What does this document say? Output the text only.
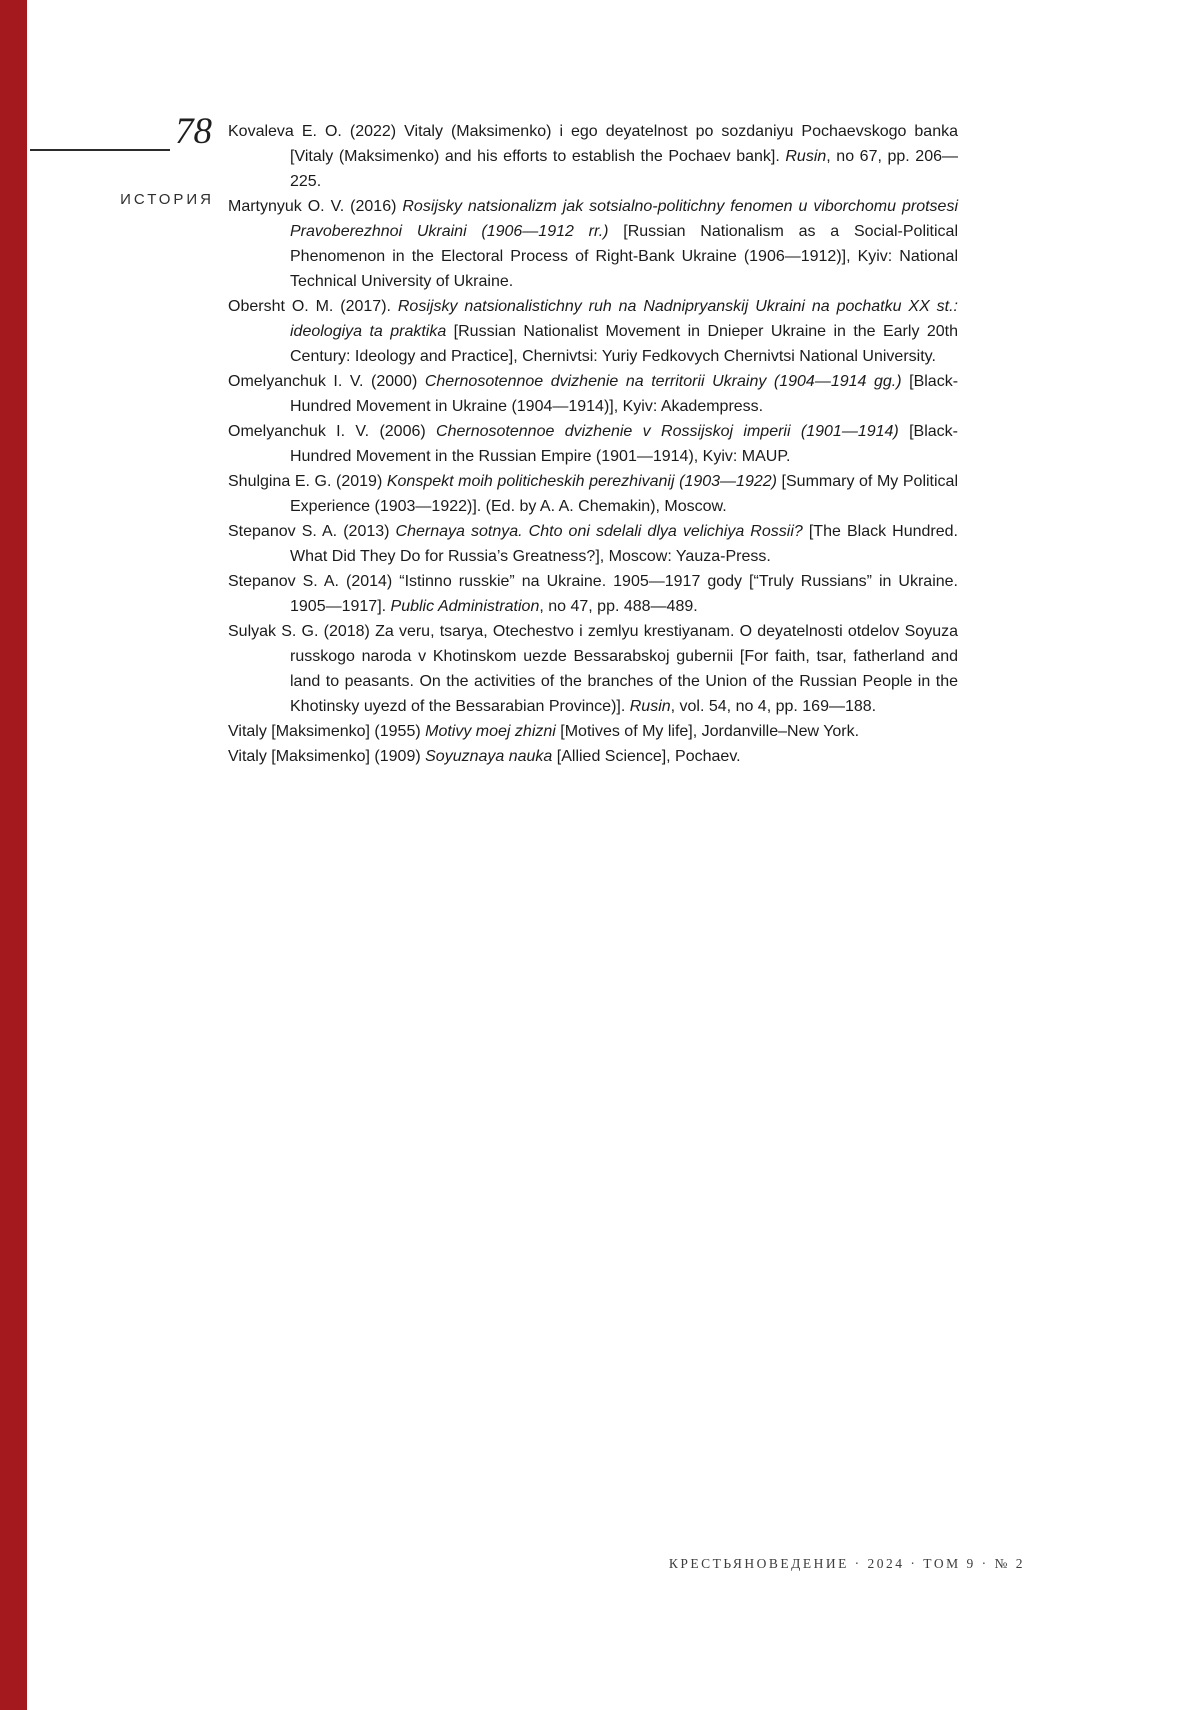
78
ИСТОРИЯ
Kovaleva E. O. (2022) Vitaly (Maksimenko) i ego deyatelnost po sozdaniyu Pochaevskogo banka [Vitaly (Maksimenko) and his efforts to establish the Pochaev bank]. Rusin, no 67, pp. 206—225.
Martynyuk O. V. (2016) Rosijsky natsionalizm jak sotsialno-politichny fenomen u viborchomu protsesi Pravoberezhnoi Ukraini (1906—1912 rr.) [Russian Nationalism as a Social-Political Phenomenon in the Electoral Process of Right-Bank Ukraine (1906—1912)], Kyiv: National Technical University of Ukraine.
Obersht O. M. (2017). Rosijsky natsionalistichny ruh na Nadnipryanskij Ukraini na pochatku XX st.: ideologiya ta praktika [Russian Nationalist Movement in Dnieper Ukraine in the Early 20th Century: Ideology and Practice], Chernivtsi: Yuriy Fedkovych Chernivtsi National University.
Omelyanchuk I. V. (2000) Chernosotennoe dvizhenie na territorii Ukrainy (1904—1914 gg.) [Black-Hundred Movement in Ukraine (1904—1914)], Kyiv: Akadempress.
Omelyanchuk I. V. (2006) Chernosotennoe dvizhenie v Rossijskoj imperii (1901—1914) [Black-Hundred Movement in the Russian Empire (1901—1914), Kyiv: MAUP.
Shulgina E. G. (2019) Konspekt moih politicheskih perezhivanij (1903—1922) [Summary of My Political Experience (1903—1922)]. (Ed. by A. A. Chemakin), Moscow.
Stepanov S. A. (2013) Chernaya sotnya. Chto oni sdelali dlya velichiya Rossii? [The Black Hundred. What Did They Do for Russia’s Greatness?], Moscow: Yauza-Press.
Stepanov S. A. (2014) “Istinno russkie” na Ukraine. 1905—1917 gody [“Truly Russians” in Ukraine. 1905—1917]. Public Administration, no 47, pp. 488—489.
Sulyak S. G. (2018) Za veru, tsarya, Otechestvo i zemlyu krestiyanam. O deyatelnosti otdelov Soyuza russkogo naroda v Khotinskom uezde Bessarabskoj gubernii [For faith, tsar, fatherland and land to peasants. On the activities of the branches of the Union of the Russian People in the Khotinsky uyezd of the Bessarabian Province)]. Rusin, vol. 54, no 4, pp. 169—188.
Vitaly [Maksimenko] (1955) Motivy moej zhizni [Motives of My life], Jordanville–New York.
Vitaly [Maksimenko] (1909) Soyuznaya nauka [Allied Science], Pochaev.
КРЕСТЬЯНОВЕДЕНИЕ · 2024 · ТОМ 9 · № 2
